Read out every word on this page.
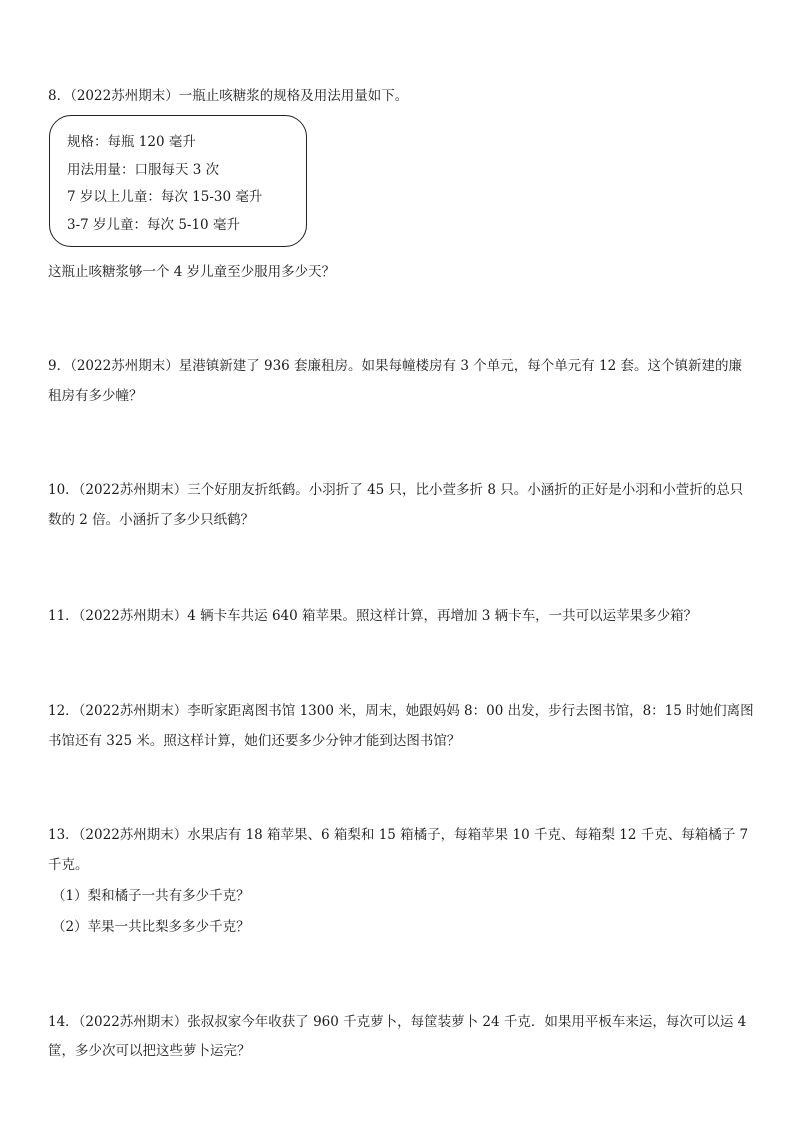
8．（2022苏州期末）一瓶止咳糖浆的规格及用法用量如下。
规格：每瓶 120 毫升
用法用量：口服每天 3 次
7 岁以上儿童：每次 15-30 毫升
3-7 岁儿童：每次 5-10 毫升
这瓶止咳糖浆够一个 4 岁儿童至少服用多少天？
9．（2022苏州期末）星港镇新建了 936 套廉租房。如果每幢楼房有 3 个单元，每个单元有 12 套。这个镇新建的廉
租房有多少幢？
10．（2022苏州期末）三个好朋友折纸鹤。小羽折了 45 只，比小萱多折 8 只。小涵折的正好是小羽和小萱折的总只
数的 2 倍。小涵折了多少只纸鹤？
11．（2022苏州期末）4 辆卡车共运 640 箱苹果。照这样计算，再增加 3 辆卡车，一共可以运苹果多少箱？
12．（2022苏州期末）李昕家距离图书馆 1300 米，周末，她跟妈妈 8：00 出发，步行去图书馆，8：15 时她们离图
书馆还有 325 米。照这样计算，她们还要多少分钟才能到达图书馆？
13．（2022苏州期末）水果店有 18 箱苹果、6 箱梨和 15 箱橘子，每箱苹果 10 千克、每箱梨 12 千克、每箱橘子 7
千克。
（1）梨和橘子一共有多少千克？
（2）苹果一共比梨多多少千克？
14．（2022苏州期末）张叔叔家今年收获了 960 千克萝卜，每筐装萝卜 24 千克．如果用平板车来运，每次可以运 4
筐，多少次可以把这些萝卜运完？
